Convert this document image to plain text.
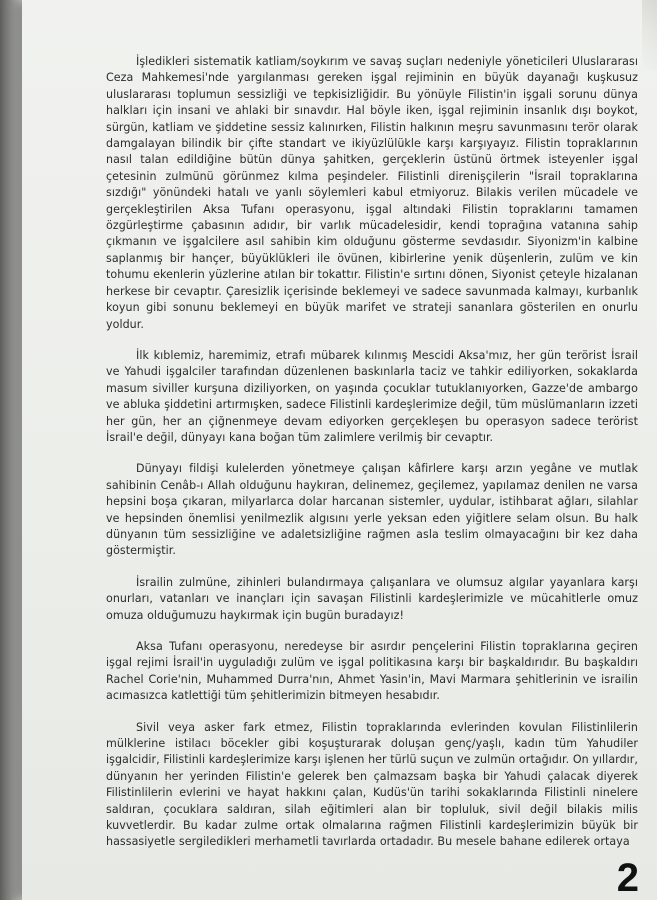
İşledikleri sistematik katliam/soykırım ve savaş suçları nedeniyle yöneticileri Uluslararası Ceza Mahkemesi'nde yargılanması gereken işgal rejiminin en büyük dayanağı kuşkusuz uluslararası toplumun sessizliği ve tepkisizliğidir. Bu yönüyle Filistin'in işgali sorunu dünya halkları için insani ve ahlaki bir sınavdır. Hal böyle iken, işgal rejiminin insanlık dışı boykot, sürgün, katliam ve şiddetine sessiz kalınırken, Filistin halkının meşru savunmasını terör olarak damgalayan bilindik bir çifte standart ve ikiyüzlülükle karşı karşıyayız. Filistin topraklarının nasıl talan edildiğine bütün dünya şahitken, gerçeklerin üstünü örtmek isteyenler işgal çetesinin zulmünü görünmez kılma peşindeler. Filistinli direnişçilerin "İsrail topraklarına sızdığı" yönündeki hatalı ve yanlı söylemleri kabul etmiyoruz. Bilakis verilen mücadele ve gerçekleştirilen Aksa Tufanı operasyonu, işgal altındaki Filistin topraklarını tamamen özgürleştirme çabasının adıdır, bir varlık mücadelesidir, kendi toprağına vatanına sahip çıkmanın ve işgalcilere asıl sahibin kim olduğunu gösterme sevdasıdır. Siyonizm'in kalbine saplanmış bir hançer, büyüklükleri ile övünen, kibirlerine yenik düşenlerin, zulüm ve kin tohumu ekenlerin yüzlerine atılan bir tokattır. Filistin'e sırtını dönen, Siyonist çeteyle hizalanan herkese bir cevaptır. Çaresizlik içerisinde beklemeyi ve sadece savunmada kalmayı, kurbanlık koyun gibi sonunu beklemeyi en büyük marifet ve strateji sananlara gösterilen en onurlu yoldur.

İlk kıblemiz, haremimiz, etrafı mübarek kılınmış Mescidi Aksa'mız, her gün terörist İsrail ve Yahudi işgalciler tarafından düzenlenen baskınlarla taciz ve tahkir ediliyorken, sokaklarda masum siviller kurşuna diziliyorken, on yaşında çocuklar tutuklanıyorken, Gazze'de ambargo ve abluka şiddetini artırmışken, sadece Filistinli kardeşlerimize değil, tüm müslümanların izzeti her gün, her an çiğnenmeye devam ediyorken gerçekleşen bu operasyon sadece terörist İsrail'e değil, dünyayı kana boğan tüm zalimlere verilmiş bir cevaptır.

Dünyayı fildişi kulelerden yönetmeye çalışan kâfirlere karşı arzın yegâne ve mutlak sahibinin Cenâb-ı Allah olduğunu haykıran, delinemez, geçilemez, yapılamaz denilen ne varsa hepsini boşa çıkaran, milyarlarca dolar harcanan sistemler, uydular, istihbarat ağları, silahlar ve hepsinden önemlisi yenilmezlik algısını yerle yeksan eden yiğitlere selam olsun. Bu halk dünyanın tüm sessizliğine ve adaletsizliğine rağmen asla teslim olmayacağını bir kez daha göstermiştir.

İsrailin zulmüne, zihinleri bulandırmaya çalışanlara ve olumsuz algılar yayanlara karşı onurları, vatanları ve inançları için savaşan Filistinli kardeşlerimizle ve mücahitlerle omuz omuza olduğumuzu haykırmak için bugün buradayız!

Aksa Tufanı operasyonu, neredeyse bir asırdır pençelerini Filistin topraklarına geçiren işgal rejimi İsrail'in uyguladığı zulüm ve işgal politikasına karşı bir başkaldırıdır. Bu başkaldırı Rachel Corie'nin, Muhammed Durra'nın, Ahmet Yasin'in, Mavi Marmara şehitlerinin ve israilin acımasızca katlettiği tüm şehitlerimizin bitmeyen hesabıdır.

Sivil veya asker fark etmez, Filistin topraklarında evlerinden kovulan Filistinlilerin mülklerine istilacı böcekler gibi koşuşturarak doluşan genç/yaşlı, kadın tüm Yahudiler işgalcidir, Filistinli kardeşlerimize karşı işlenen her türlü suçun ve zulmün ortağıdır. On yıllardır, dünyanın her yerinden Filistin'e gelerek ben çalmazsam başka bir Yahudi çalacak diyerek Filistinlilerin evlerini ve hayat hakkını çalan, Kudüs'ün tarihi sokaklarında Filistinli ninelere saldıran, çocuklara saldıran, silah eğitimleri alan bir topluluk, sivil değil bilakis milis kuvvetlerdir. Bu kadar zulme ortak olmalarına rağmen Filistinli kardeşlerimizin büyük bir hassasiyetle sergiledikleri merhametli tavırlarda ortadadır. Bu mesele bahane edilerek ortaya

2
